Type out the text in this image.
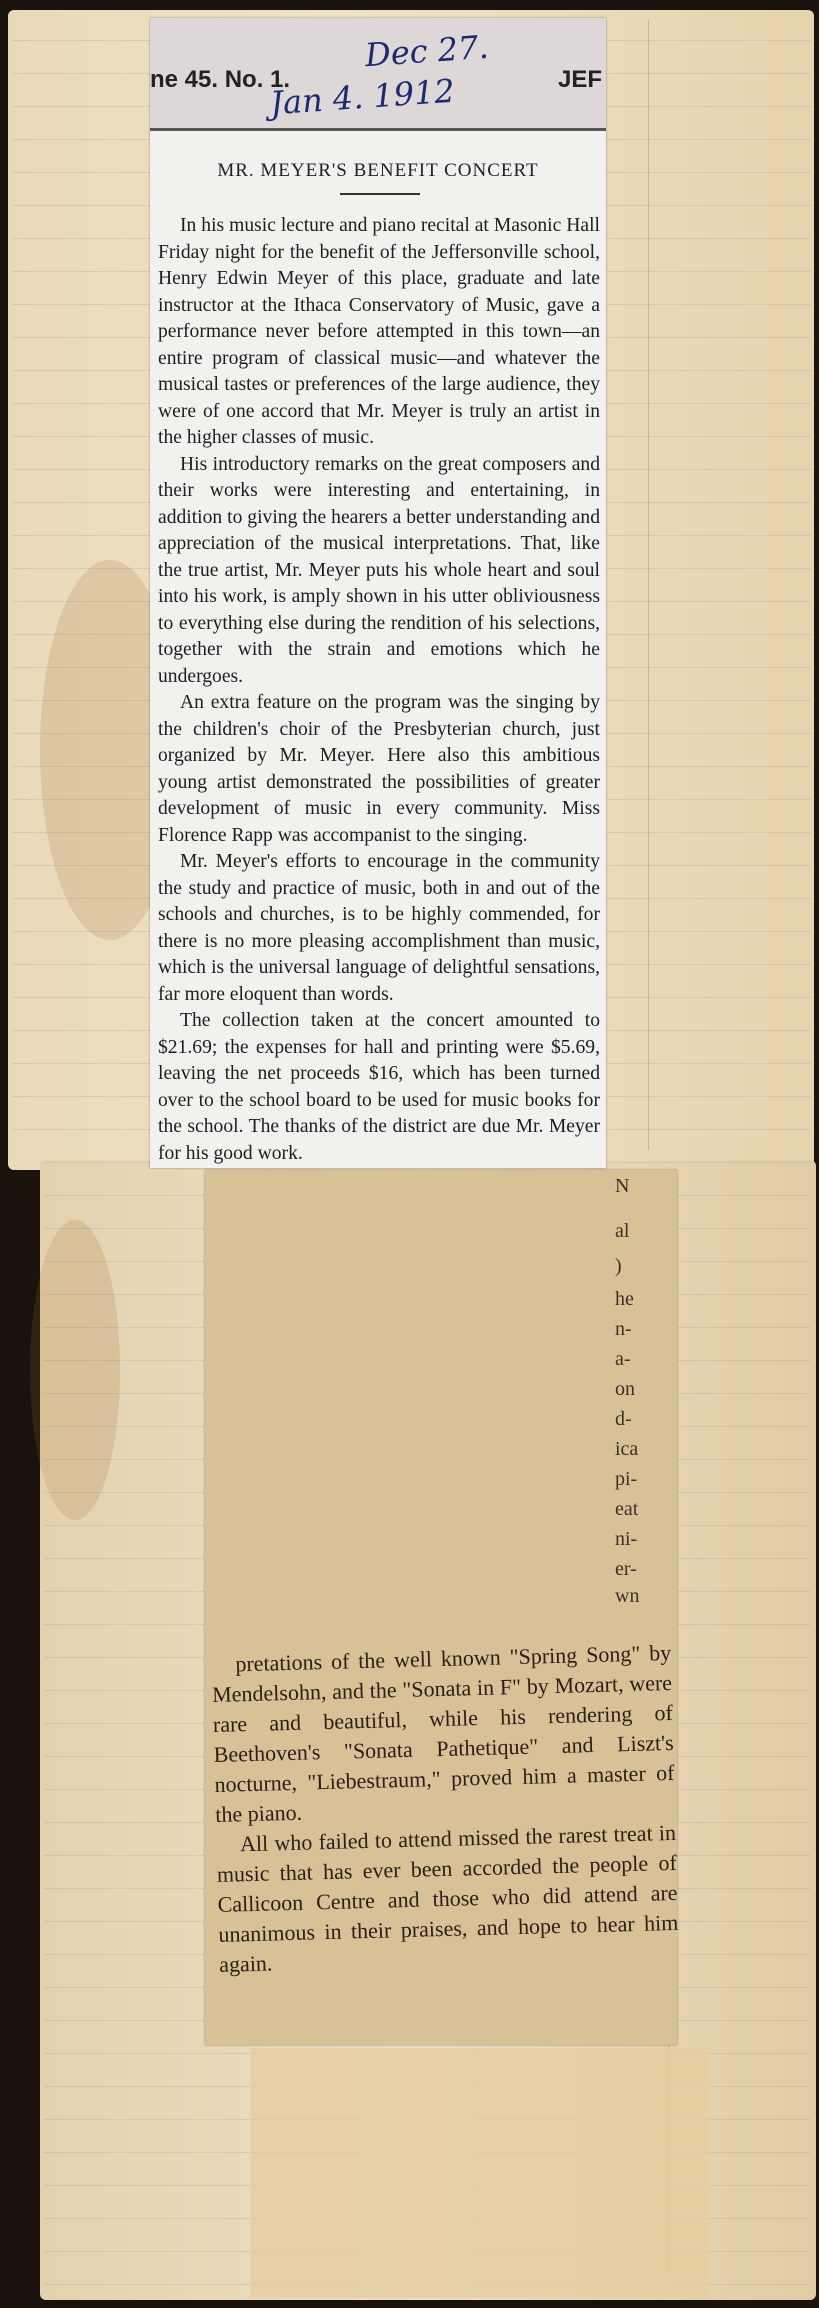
N
al
)
he
n-
a-
on
d-
ica
pi-
eat
ni-
er-
wn

pretations of the well known "Spring Song" by Mendelsohn, and the "Sonata in F" by Mozart, were rare and beautiful, while his rendering of Beethoven's "Sonata Pathetique" and Liszt's nocturne, "Liebestraum," proved him a master of the piano.

All who failed to attend missed the rarest treat in music that has ever been accorded the people of Callicoon Centre and those who did attend are unanimous in their praises, and hope to hear him again.

ne 45. No. 1.	JEF
Dec 27.
Jan 4. 1912
MR. MEYER'S BENEFIT CONCERT

In his music lecture and piano recital at Masonic Hall Friday night for the benefit of the Jeffersonville school, Henry Edwin Meyer of this place, graduate and late instructor at the Ithaca Conservatory of Music, gave a performance never before attempted in this town—an entire program of classical music—and whatever the musical tastes or preferences of the large audience, they were of one accord that Mr. Meyer is truly an artist in the higher classes of music.

His introductory remarks on the great composers and their works were interesting and entertaining, in addition to giving the hearers a better understanding and appreciation of the musical interpretations. That, like the true artist, Mr. Meyer puts his whole heart and soul into his work, is amply shown in his utter obliviousness to everything else during the rendition of his selections, together with the strain and emotions which he undergoes.

An extra feature on the program was the singing by the children's choir of the Presbyterian church, just organized by Mr. Meyer. Here also this ambitious young artist demonstrated the possibilities of greater development of music in every community. Miss Florence Rapp was accompanist to the singing.

Mr. Meyer's efforts to encourage in the community the study and practice of music, both in and out of the schools and churches, is to be highly commended, for there is no more pleasing accomplishment than music, which is the universal language of delightful sensations, far more eloquent than words.

The collection taken at the concert amounted to $21.69; the expenses for hall and printing were $5.69, leaving the net proceeds $16, which has been turned over to the school board to be used for music books for the school. The thanks of the district are due Mr. Meyer for his good work.
